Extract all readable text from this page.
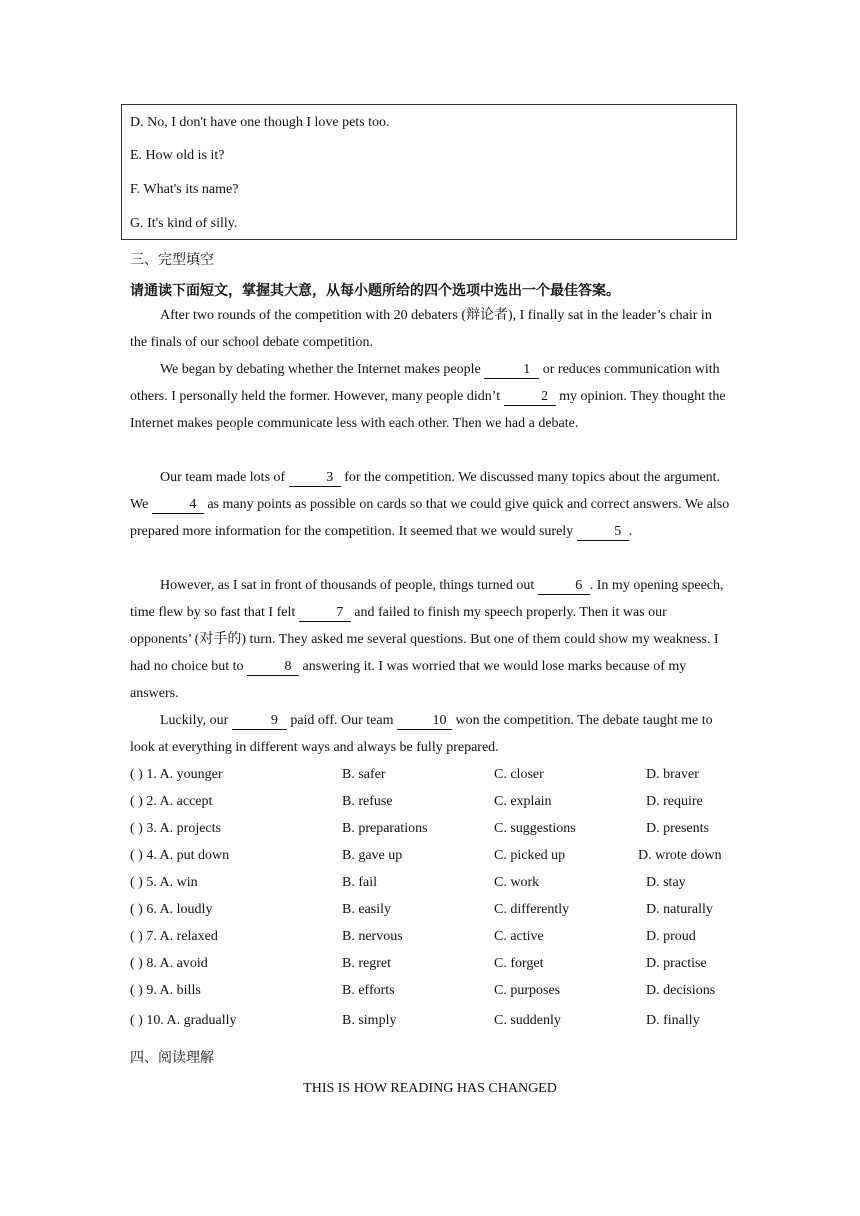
D. No, I don't have one though I love pets too.
E. How old is it?
F. What's its name?
G. It's kind of silly.
三、完型填空
请通读下面短文，掌握其大意，从每小题所给的四个选项中选出一个最佳答案。
After two rounds of the competition with 20 debaters (辩论者), I finally sat in the leader’s chair in the finals of our school debate competition.
We began by debating whether the Internet makes people	1 or reduces communication with others. I personally held the former. However, many people didn’t	2 my opinion. They thought the Internet makes people communicate less with each other. Then we had a debate.
Our team made lots of	3 for the competition. We discussed many topics about the argument. We	4 as many points as possible on cards so that we could give quick and correct answers. We also prepared more information for the competition. It seemed that we would surely	5 .
However, as I sat in front of thousands of people, things turned out	6 . In my opening speech, time flew by so fast that I felt	7 and failed to finish my speech properly. Then it was our opponents’ (对手的) turn. They asked me several questions. But one of them could show my weakness. I had no choice but to	8 answering it. I was worried that we would lose marks because of my answers.
Luckily, our	9 paid off. Our team	10 won the competition. The debate taught me to look at everything in different ways and always be fully prepared.
( ) 1. A. younger	B. safer	C. closer	D. braver
( ) 2. A. accept	B. refuse	C. explain	D. require
( ) 3. A. projects	B. preparations	C. suggestions	D. presents
( ) 4. A. put down	B. gave up	C. picked up	D. wrote down
( ) 5. A. win	B. fail	C. work	D. stay
( ) 6. A. loudly	B. easily	C. differently	D. naturally
( ) 7. A. relaxed	B. nervous	C. active	D. proud
( ) 8. A. avoid	B. regret	C. forget	D. practise
( ) 9. A. bills	B. efforts	C. purposes	D. decisions
( ) 10. A. gradually	B. simply	C. suddenly	D. finally
四、阅读理解
THIS IS HOW READING HAS CHANGED
